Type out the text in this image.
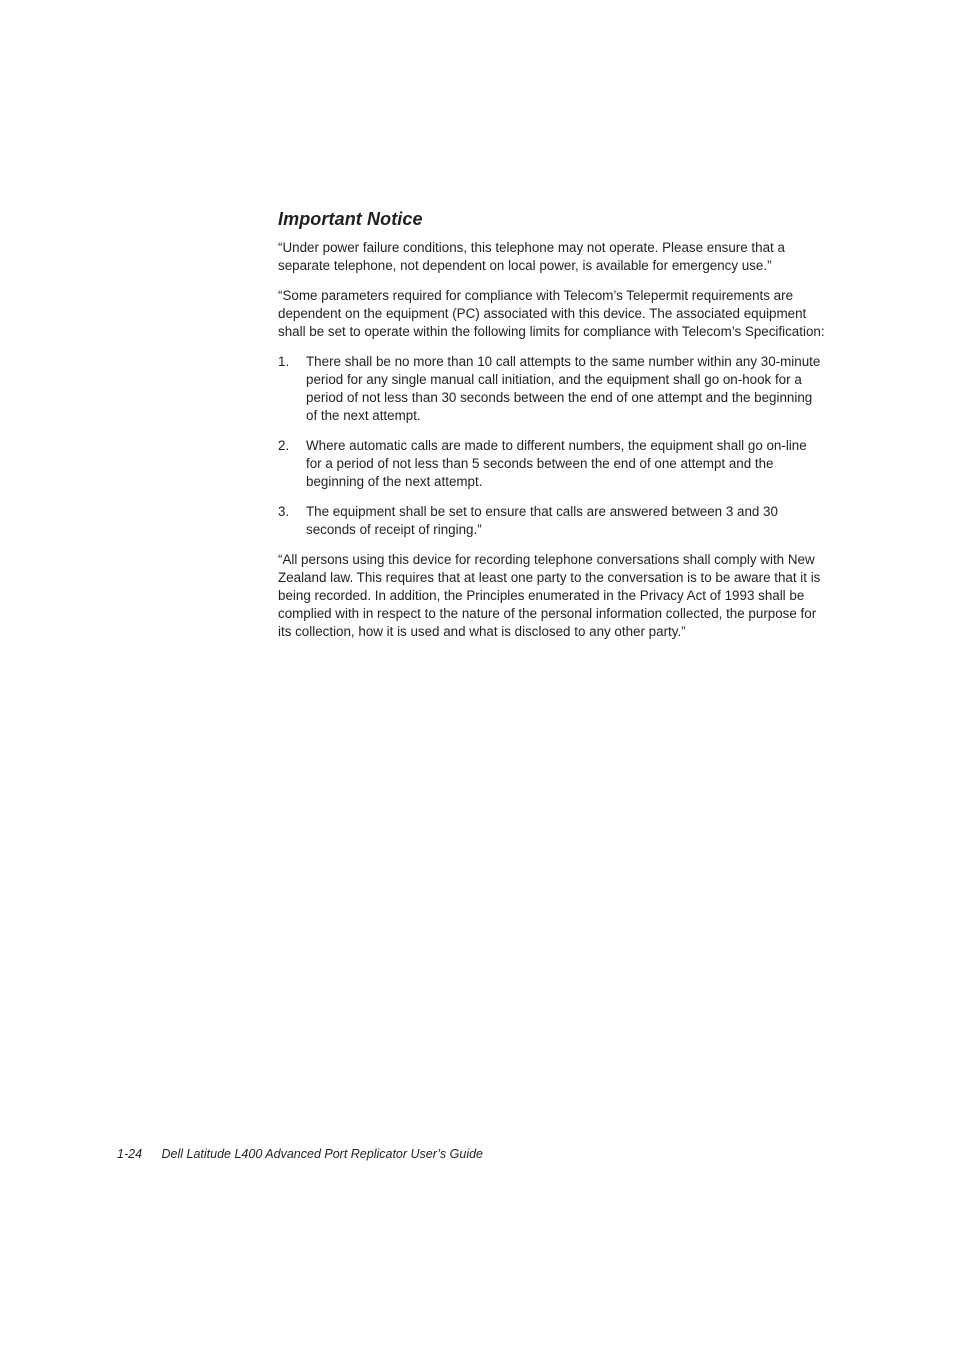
Important Notice

“Under power failure conditions, this telephone may not operate. Please ensure that a separate telephone, not dependent on local power, is available for emergency use.”

“Some parameters required for compliance with Telecom’s Telepermit requirements are dependent on the equipment (PC) associated with this device. The associated equipment shall be set to operate within the following limits for compliance with Telecom’s Specification:

1.	There shall be no more than 10 call attempts to the same number within any 30-minute period for any single manual call initiation, and the equipment shall go on-hook for a period of not less than 30 seconds between the end of one attempt and the beginning of the next attempt.
2.	Where automatic calls are made to different numbers, the equipment shall go on-line for a period of not less than 5 seconds between the end of one attempt and the beginning of the next attempt.
3.	The equipment shall be set to ensure that calls are answered between 3 and 30 seconds of receipt of ringing.”

“All persons using this device for recording telephone conversations shall comply with New Zealand law. This requires that at least one party to the conversation is to be aware that it is being recorded. In addition, the Principles enumerated in the Privacy Act of 1993 shall be complied with in respect to the nature of the personal information collected, the purpose for its collection, how it is used and what is disclosed to any other party.”

1-24 Dell Latitude L400 Advanced Port Replicator User’s Guide
